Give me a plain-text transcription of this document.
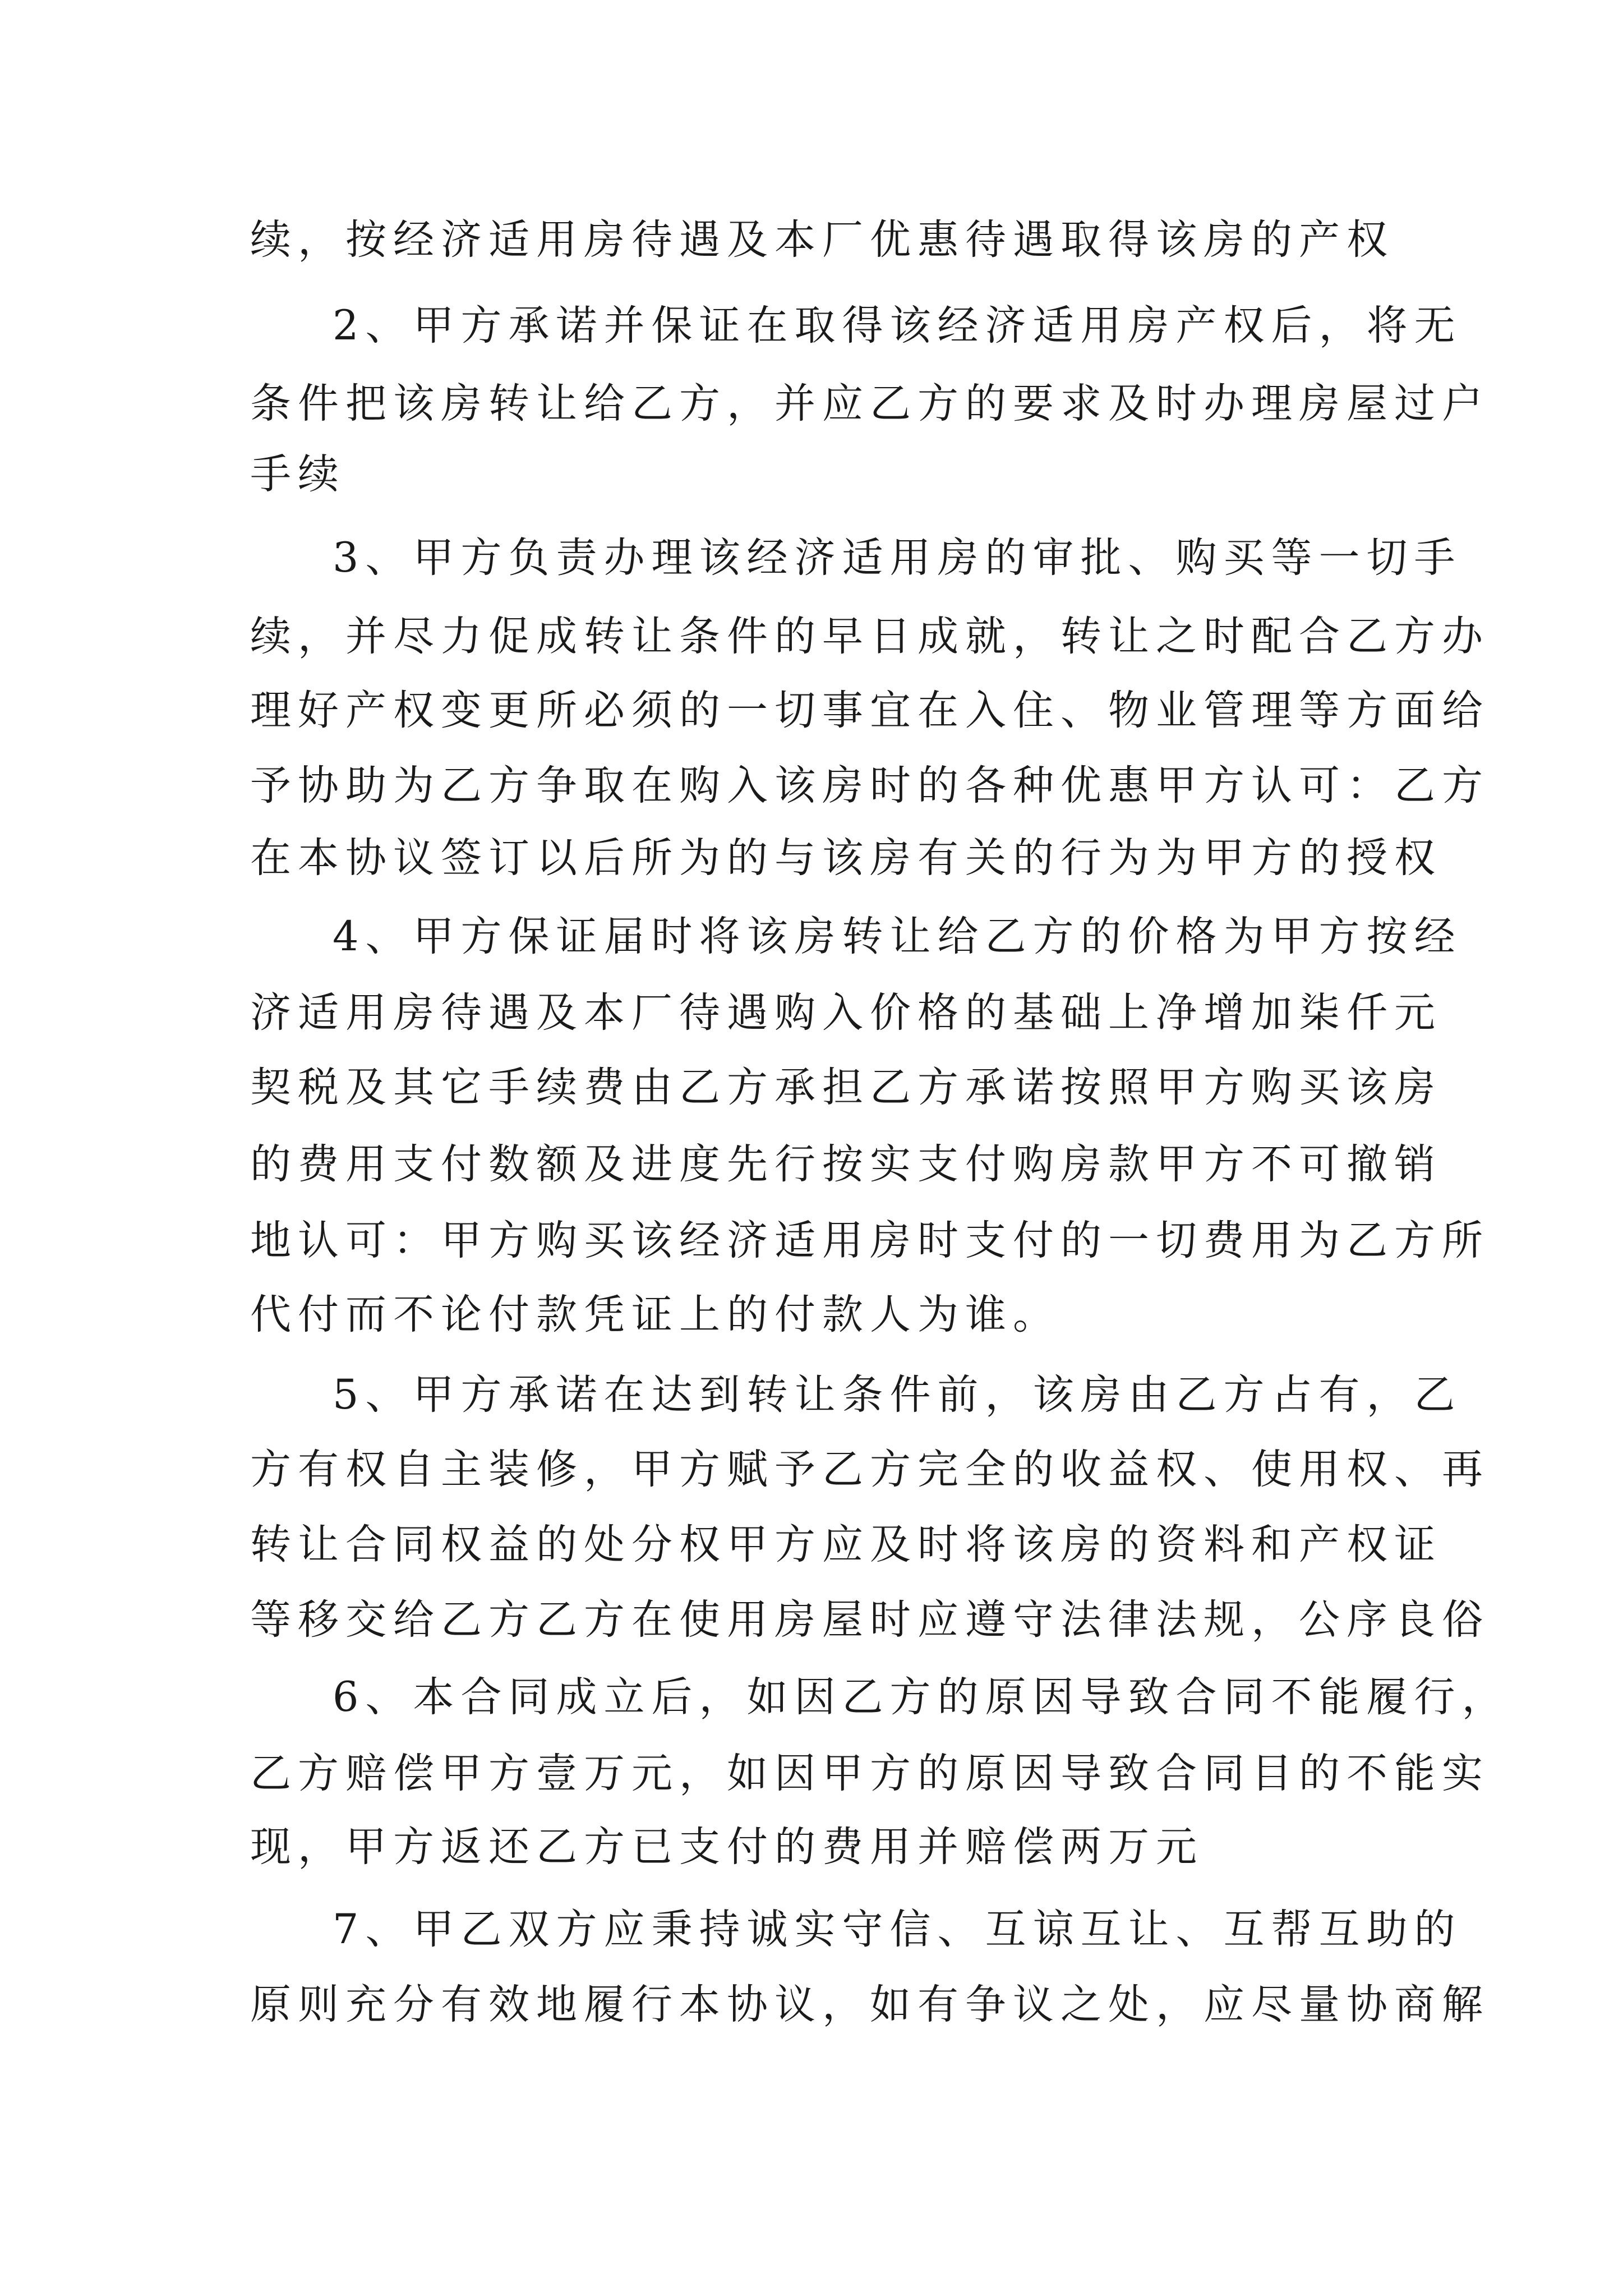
续，按经济适用房待遇及本厂优惠待遇取得该房的产权

2、甲方承诺并保证在取得该经济适用房产权后，将无

条件把该房转让给乙方，并应乙方的要求及时办理房屋过户

手续

3、甲方负责办理该经济适用房的审批、购买等一切手

续，并尽力促成转让条件的早日成就，转让之时配合乙方办

理好产权变更所必须的一切事宜在入住、物业管理等方面给

予协助为乙方争取在购入该房时的各种优惠甲方认可：乙方

在本协议签订以后所为的与该房有关的行为为甲方的授权

4、甲方保证届时将该房转让给乙方的价格为甲方按经

济适用房待遇及本厂待遇购入价格的基础上净增加柒仟元

契税及其它手续费由乙方承担乙方承诺按照甲方购买该房

的费用支付数额及进度先行按实支付购房款甲方不可撤销

地认可：甲方购买该经济适用房时支付的一切费用为乙方所

代付而不论付款凭证上的付款人为谁。

5、甲方承诺在达到转让条件前，该房由乙方占有，乙

方有权自主装修，甲方赋予乙方完全的收益权、使用权、再

转让合同权益的处分权甲方应及时将该房的资料和产权证

等移交给乙方乙方在使用房屋时应遵守法律法规，公序良俗

6、本合同成立后，如因乙方的原因导致合同不能履行，

乙方赔偿甲方壹万元，如因甲方的原因导致合同目的不能实

现，甲方返还乙方已支付的费用并赔偿两万元

7、甲乙双方应秉持诚实守信、互谅互让、互帮互助的

原则充分有效地履行本协议，如有争议之处，应尽量协商解
